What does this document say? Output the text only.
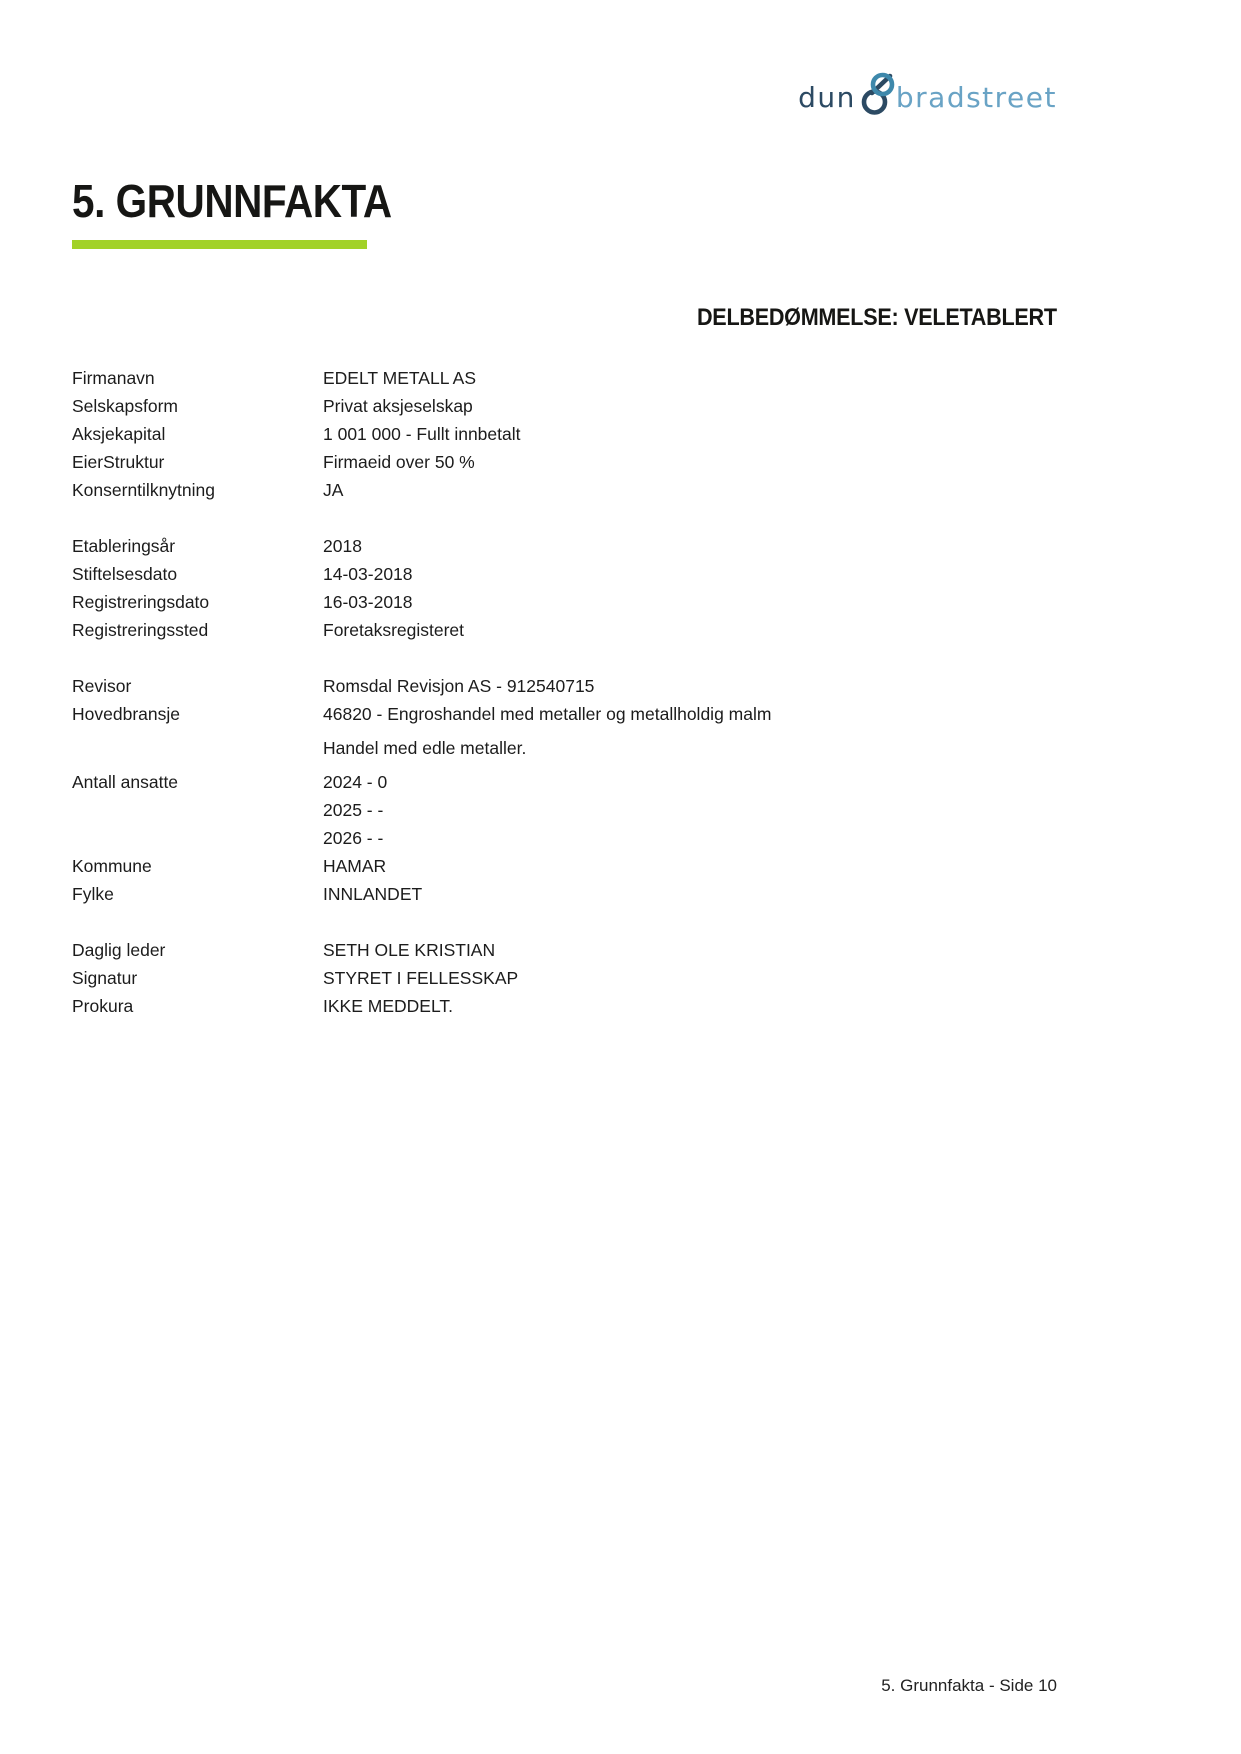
dun bradstreet
5. GRUNNFAKTA
DELBEDØMMELSE: VELETABLERT
Firmanavn	EDELT METALL AS
Selskapsform	Privat aksjeselskap
Aksjekapital	1 001 000 - Fullt innbetalt
EierStruktur	Firmaeid over 50 %
Konserntilknytning	JA
Etableringsår	2018
Stiftelsesdato	14-03-2018
Registreringsdato	16-03-2018
Registreringssted	Foretaksregisteret
Revisor	Romsdal Revisjon AS - 912540715
Hovedbransje	46820 - Engroshandel med metaller og metallholdig malm
Handel med edle metaller.
Antall ansatte	2024 - 0
2025 - -
2026 - -
Kommune	HAMAR
Fylke	INNLANDET
Daglig leder	SETH OLE KRISTIAN
Signatur	STYRET I FELLESSKAP
Prokura	IKKE MEDDELT.
5. Grunnfakta - Side 10
